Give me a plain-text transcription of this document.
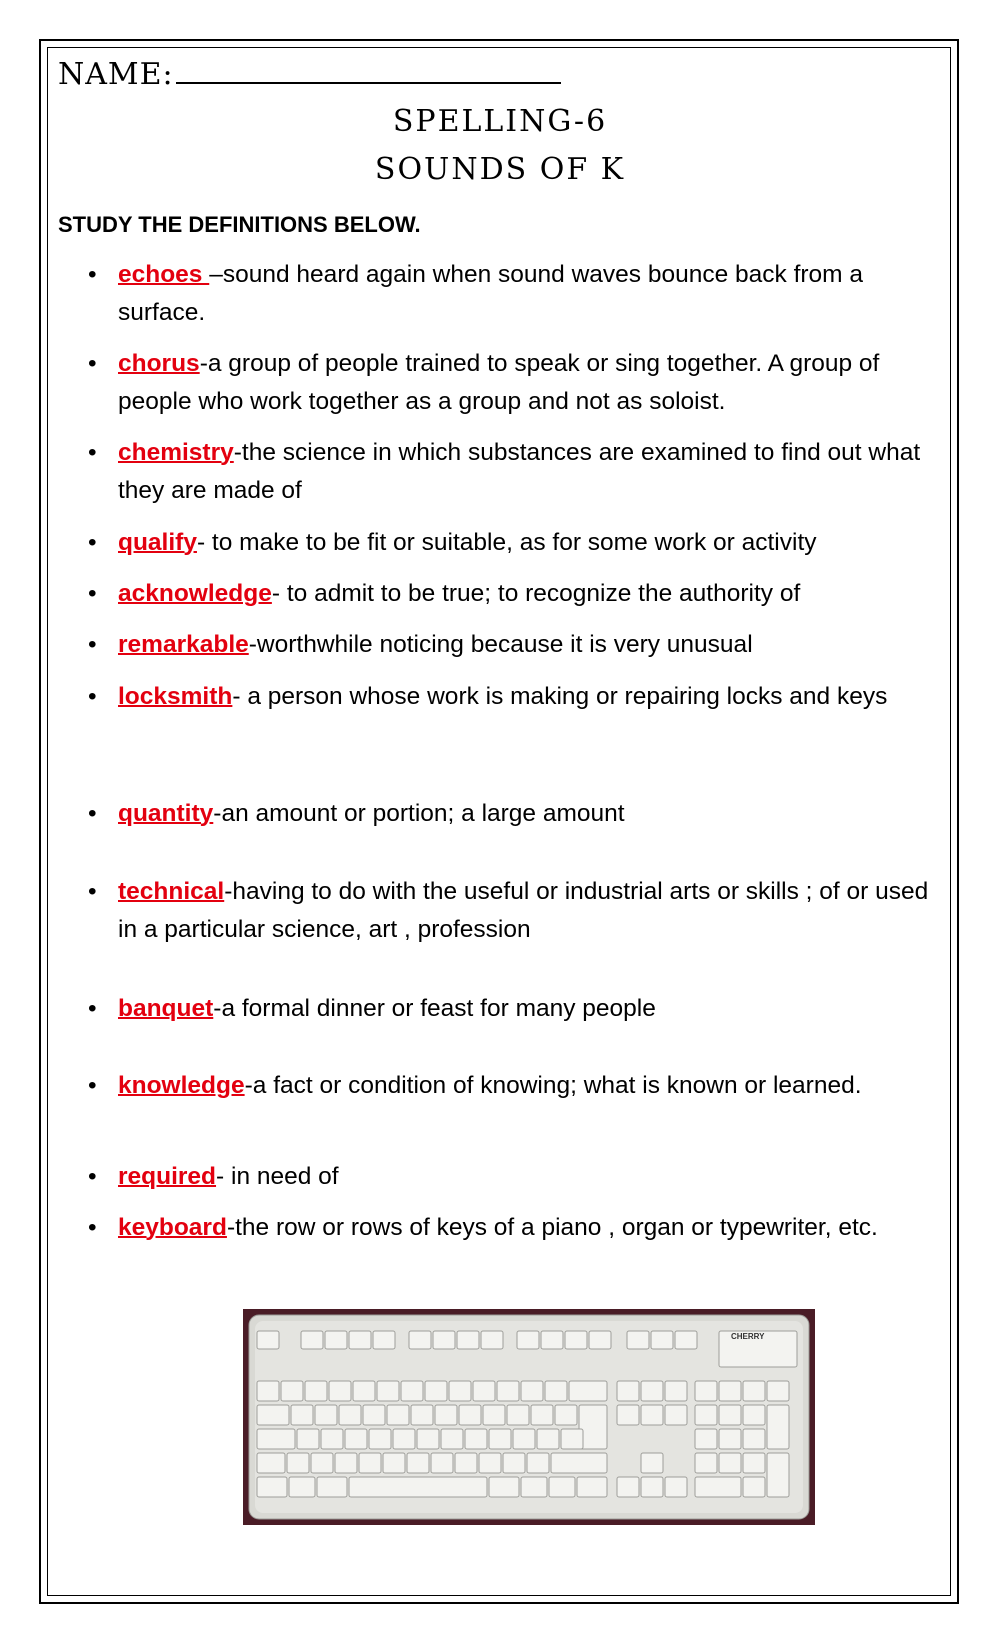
NAME:
SPELLING-6
SOUNDS OF K
STUDY THE DEFINITIONS BELOW.
• echoes –sound heard again when sound waves bounce back from a surface.
• chorus-a group of people trained to speak or sing together. A group of people who work together as a group and not as soloist.
• chemistry-the science in which substances are examined to find out what they are made of
• qualify- to make to be fit or suitable, as for some work or activity
• acknowledge- to admit to be true; to recognize the authority of
• remarkable-worthwhile noticing because it is very unusual
• locksmith- a person whose work is making or repairing locks and keys
• quantity-an amount or portion; a large amount
• technical-having to do with the useful or industrial arts or skills ; of or used in a particular science, art , profession
• banquet-a formal dinner or feast for many people
• knowledge-a fact or condition of knowing; what is known or learned.
• required- in need of
• keyboard-the row or rows of keys of a piano , organ or typewriter, etc.
CHERRY
